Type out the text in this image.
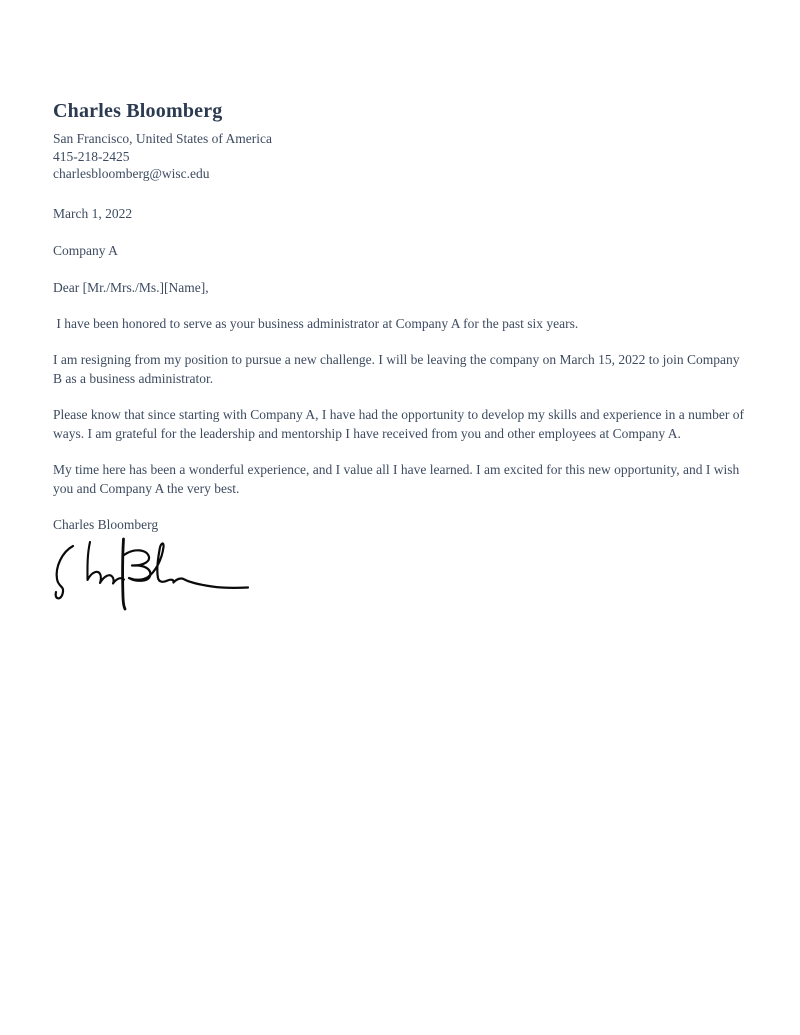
Charles Bloomberg

San Francisco, United States of America

415-218-2425

charlesbloomberg@wisc.edu

March 1, 2022
Company A
Dear [Mr./Mrs./Ms.][Name],

I have been honored to serve as your business administrator at Company A for the past six years.

I am resigning from my position to pursue a new challenge. I will be leaving the company on March 15, 2022 to join Company B as a business administrator.

Please know that since starting with Company A, I have had the opportunity to develop my skills and experience in a number of ways. I am grateful for the leadership and mentorship I have received from you and other employees at Company A.

My time here has been a wonderful experience, and I value all I have learned. I am excited for this new opportunity, and I wish you and Company A the very best.

Charles Bloomberg
